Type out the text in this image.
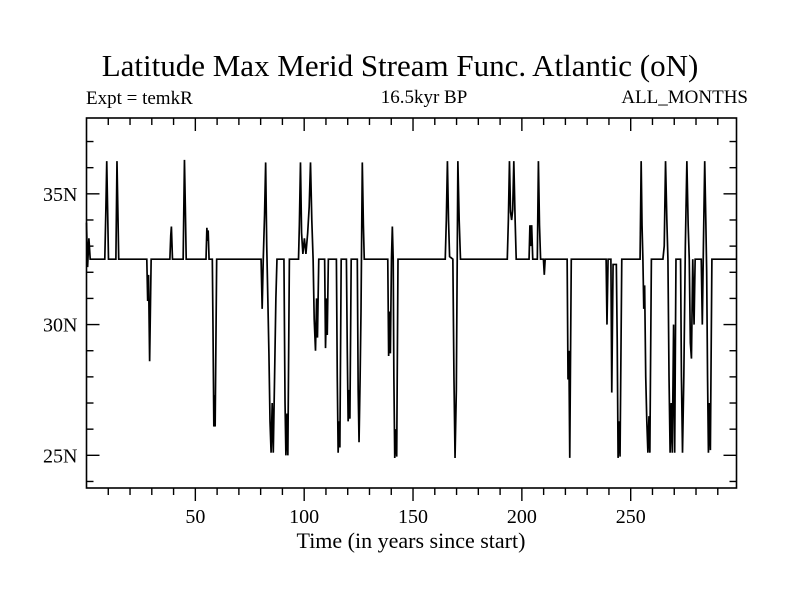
Latitude Max Merid Stream Func. Atlantic (oN)
Expt = temkR	16.5kyr BP	ALL_MONTHS
50	100	150	200	250
25N
30N
35N
Time (in years since start)
